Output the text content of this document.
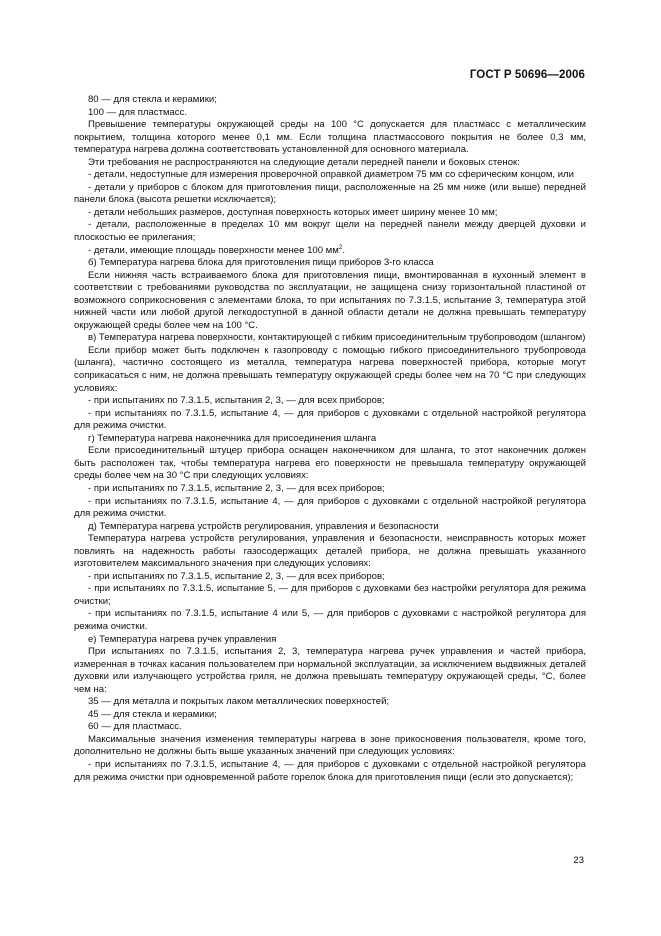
ГОСТ Р 50696—2006

80 — для стекла и керамики;

100 — для пластмасс.

Превышение температуры окружающей среды на 100 °С допускается для пластмасс с металлическим покрытием, толщина которого менее 0,1 мм. Если толщина пластмассового покрытия не более 0,3 мм, температура нагрева должна соответствовать установленной для основного материала.

Эти требования не распространяются на следующие детали передней панели и боковых стенок:

- детали, недоступные для измерения проверочной оправкой диаметром 75 мм со сферическим концом, или

- детали у приборов с блоком для приготовления пищи, расположенные на 25 мм ниже (или выше) передней панели блока (высота решетки исключается);

- детали небольших размеров, доступная поверхность которых имеет ширину менее 10 мм;

- детали, расположенные в пределах 10 мм вокруг щели на передней панели между дверцей духовки и плоскостью ее прилегания;

- детали, имеющие площадь поверхности менее 100 $мм^2$.

б) Температура нагрева блока для приготовления пищи приборов 3-го класса

Если нижняя часть встраиваемого блока для приготовления пищи, вмонтированная в кухонный элемент в соответствии с требованиями руководства по эксплуатации, не защищена снизу горизонтальной пластиной от возможного соприкосновения с элементами блока, то при испытаниях по 7.3.1.5, испытание 3, температура этой нижней части или любой другой легкодоступной в данной области детали не должна превышать температуру окружающей среды более чем на 100 °С.

в) Температура нагрева поверхности, контактирующей с гибким присоединительным трубопроводом (шлангом)

Если прибор может быть подключен к газопроводу с помощью гибкого присоединительного трубопровода (шланга), частично состоящего из металла, температура нагрева поверхностей прибора, которые могут соприкасаться с ним, не должна превышать температуру окружающей среды более чем на 70 °С при следующих условиях:

- при испытаниях по 7.3.1.5, испытания 2, 3, — для всех приборов;

- при испытаниях по 7.3.1.5, испытание 4, — для приборов с духовками с отдельной настройкой регулятора для режима очистки.

г) Температура нагрева наконечника для присоединения шланга

Если присоединительный штуцер прибора оснащен наконечником для шланга, то этот наконечник должен быть расположен так, чтобы температура нагрева его поверхности не превышала температуру окружающей среды более чем на 30 °С при следующих условиях:

- при испытаниях по 7.3.1.5, испытание 2, 3, — для всех приборов;

- при испытаниях по 7.3.1.5, испытание 4, — для приборов с духовками с отдельной настройкой регулятора для режима очистки.

д) Температура нагрева устройств регулирования, управления и безопасности

Температура нагрева устройств регулирования, управления и безопасности, неисправность которых может повлиять на надежность работы газосодержащих деталей прибора, не должна превышать указанного изготовителем максимального значения при следующих условиях:

- при испытаниях по 7.3.1.5, испытание 2, 3, — для всех приборов;

- при испытаниях по 7.3.1.5, испытание 5, — для приборов с духовками без настройки регулятора для режима очистки;

- при испытаниях по 7.3.1.5, испытание 4 или 5, — для приборов с духовками с настройкой регулятора для режима очистки.

е) Температура нагрева ручек управления

При испытаниях по 7.3.1.5, испытания 2, 3, температура нагрева ручек управления и частей прибора, измеренная в точках касания пользователем при нормальной эксплуатации, за исключением выдвижных деталей духовки или излучающего устройства гриля, не должна превышать температуру окружающей среды, °С, более чем на:

35 — для металла и покрытых лаком металлических поверхностей;

45 — для стекла и керамики;

60 — для пластмасс.

Максимальные значения изменения температуры нагрева в зоне прикосновения пользователя, кроме того, дополнительно не должны быть выше указанных значений при следующих условиях:

- при испытаниях по 7.3.1.5, испытание 4, — для приборов с духовками с отдельной настройкой регулятора для режима очистки при одновременной работе горелок блока для приготовления пищи (если это допускается);

23
